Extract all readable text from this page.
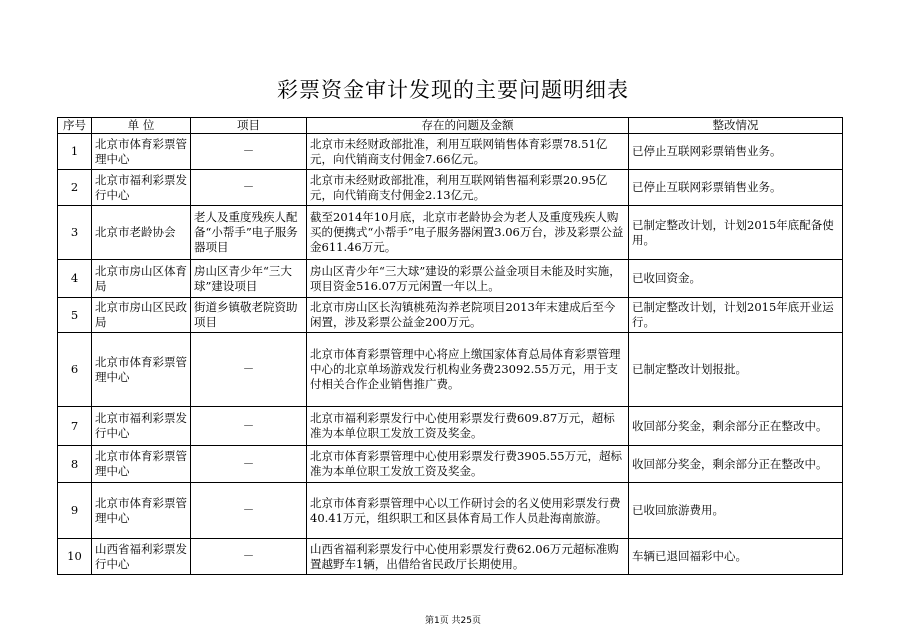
彩票资金审计发现的主要问题明细表
序号	单 位	项目	存在的问题及金额	整改情况
1	北京市体育彩票管理中心	－	北京市未经财政部批准，利用互联网销售体育彩票78.51亿元，向代销商支付佣金7.66亿元。	已停止互联网彩票销售业务。
2	北京市福利彩票发行中心	－	北京市未经财政部批准，利用互联网销售福利彩票20.95亿元，向代销商支付佣金2.13亿元。	已停止互联网彩票销售业务。
3	北京市老龄协会	老人及重度残疾人配备“小帮手”电子服务器项目	截至2014年10月底，北京市老龄协会为老人及重度残疾人购买的便携式“小帮手”电子服务器闲置3.06万台，涉及彩票公益金611.46万元。	已制定整改计划，计划2015年底配备使用。
4	北京市房山区体育局	房山区青少年“三大球”建设项目	房山区青少年“三大球”建设的彩票公益金项目未能及时实施，项目资金516.07万元闲置一年以上。	已收回资金。
5	北京市房山区民政局	街道乡镇敬老院资助项目	北京市房山区长沟镇桃苑沟养老院项目2013年末建成后至今闲置，涉及彩票公益金200万元。	已制定整改计划，计划2015年底开业运行。
6	北京市体育彩票管理中心	－	北京市体育彩票管理中心将应上缴国家体育总局体育彩票管理中心的北京单场游戏发行机构业务费23092.55万元，用于支付相关合作企业销售推广费。	已制定整改计划报批。
7	北京市福利彩票发行中心	－	北京市福利彩票发行中心使用彩票发行费609.87万元，超标准为本单位职工发放工资及奖金。	收回部分奖金，剩余部分正在整改中。
8	北京市体育彩票管理中心	－	北京市体育彩票管理中心使用彩票发行费3905.55万元，超标准为本单位职工发放工资及奖金。	收回部分奖金，剩余部分正在整改中。
9	北京市体育彩票管理中心	－	北京市体育彩票管理中心以工作研讨会的名义使用彩票发行费40.41万元，组织职工和区县体育局工作人员赴海南旅游。	已收回旅游费用。
10	山西省福利彩票发行中心	－	山西省福利彩票发行中心使用彩票发行费62.06万元超标准购置越野车1辆，出借给省民政厅长期使用。	车辆已退回福彩中心。
第1页 共25页
